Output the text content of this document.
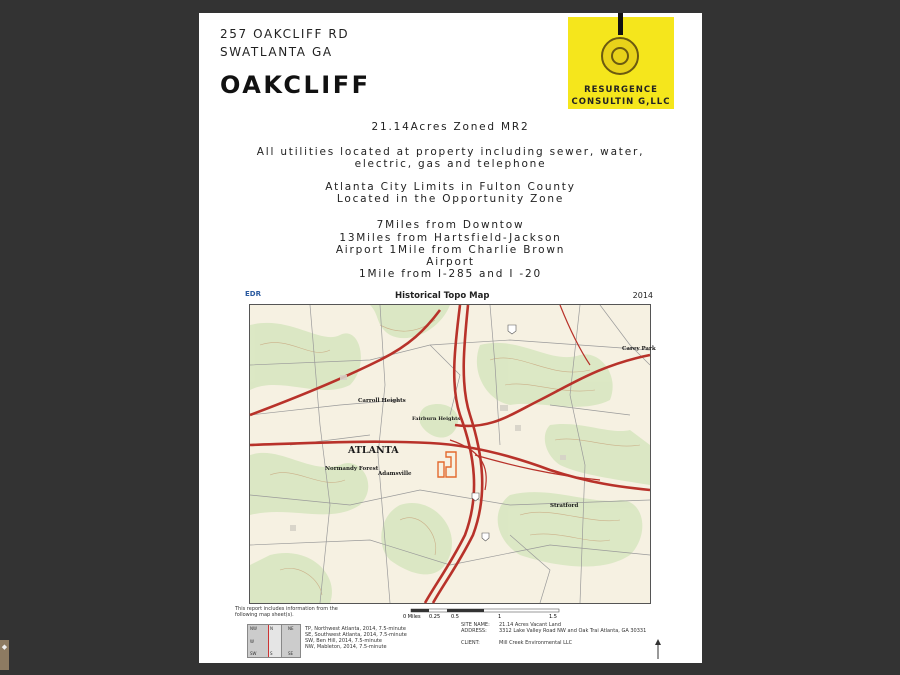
257 OAKCLIFF RD
SWATLANTA GA
OAKCLIFF	RESURGENCE
CONSULTIN G,LLC
21.14Acres Zoned MR2
All utilities located at property including sewer, water,
electric, gas and telephone
Atlanta City Limits in Fulton County
Located in the Opportunity Zone
7Miles from Downtow
13Miles from Hartsfield-Jackson
Airport 1Mile from Charlie Brown
Airport
1Mile from I-285 and I -20
EDR	Historical Topo Map	2014
ATLANTA
Carroll Heights
Fairburn Heights
Normandy Forest
Adamsville
Stratford
Carey Park
This report includes information from the following map sheet(s).	0 Miles 0.25 0.5	1	1.5
NW	N	NE
W
SW	S	SE
TP, Northwest Atlanta, 2014, 7.5-minute
SE, Southwest Atlanta, 2014, 7.5-minute
SW, Ben Hill, 2014, 7.5-minute
NW, Mableton, 2014, 7.5-minute
SITE NAME:	21.14 Acres Vacant Land
ADDRESS:	3312 Lake Valley Road NW and Oak Trai Atlanta, GA 30331
CLIENT:	Mill Creek Environmental LLC
◆
